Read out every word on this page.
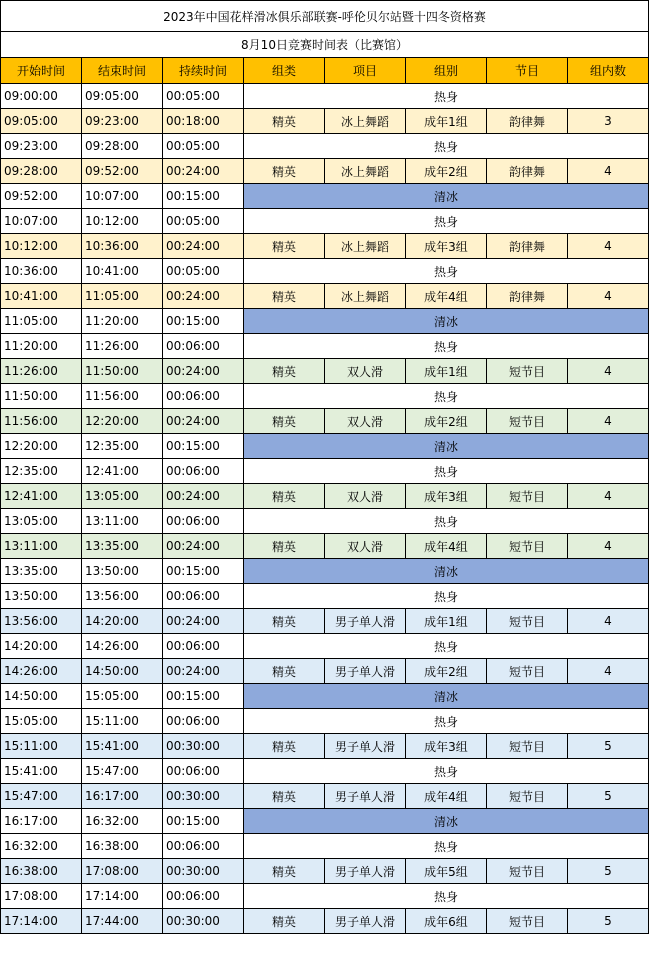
2023年中国花样滑冰俱乐部联赛-呼伦贝尔站暨十四冬资格赛							
8月10日竞赛时间表（比赛馆）							
开始时间	结束时间	持续时间	组类	项目	组别	节目	组内数
09:00:00	09:05:00	00:05:00	热身				
09:05:00	09:23:00	00:18:00	精英	冰上舞蹈	成年1组	韵律舞	3
09:23:00	09:28:00	00:05:00	热身				
09:28:00	09:52:00	00:24:00	精英	冰上舞蹈	成年2组	韵律舞	4
09:52:00	10:07:00	00:15:00	清冰				
10:07:00	10:12:00	00:05:00	热身				
10:12:00	10:36:00	00:24:00	精英	冰上舞蹈	成年3组	韵律舞	4
10:36:00	10:41:00	00:05:00	热身				
10:41:00	11:05:00	00:24:00	精英	冰上舞蹈	成年4组	韵律舞	4
11:05:00	11:20:00	00:15:00	清冰				
11:20:00	11:26:00	00:06:00	热身				
11:26:00	11:50:00	00:24:00	精英	双人滑	成年1组	短节目	4
11:50:00	11:56:00	00:06:00	热身				
11:56:00	12:20:00	00:24:00	精英	双人滑	成年2组	短节目	4
12:20:00	12:35:00	00:15:00	清冰				
12:35:00	12:41:00	00:06:00	热身				
12:41:00	13:05:00	00:24:00	精英	双人滑	成年3组	短节目	4
13:05:00	13:11:00	00:06:00	热身				
13:11:00	13:35:00	00:24:00	精英	双人滑	成年4组	短节目	4
13:35:00	13:50:00	00:15:00	清冰				
13:50:00	13:56:00	00:06:00	热身				
13:56:00	14:20:00	00:24:00	精英	男子单人滑	成年1组	短节目	4
14:20:00	14:26:00	00:06:00	热身				
14:26:00	14:50:00	00:24:00	精英	男子单人滑	成年2组	短节目	4
14:50:00	15:05:00	00:15:00	清冰				
15:05:00	15:11:00	00:06:00	热身				
15:11:00	15:41:00	00:30:00	精英	男子单人滑	成年3组	短节目	5
15:41:00	15:47:00	00:06:00	热身				
15:47:00	16:17:00	00:30:00	精英	男子单人滑	成年4组	短节目	5
16:17:00	16:32:00	00:15:00	清冰				
16:32:00	16:38:00	00:06:00	热身				
16:38:00	17:08:00	00:30:00	精英	男子单人滑	成年5组	短节目	5
17:08:00	17:14:00	00:06:00	热身				
17:14:00	17:44:00	00:30:00	精英	男子单人滑	成年6组	短节目	5
